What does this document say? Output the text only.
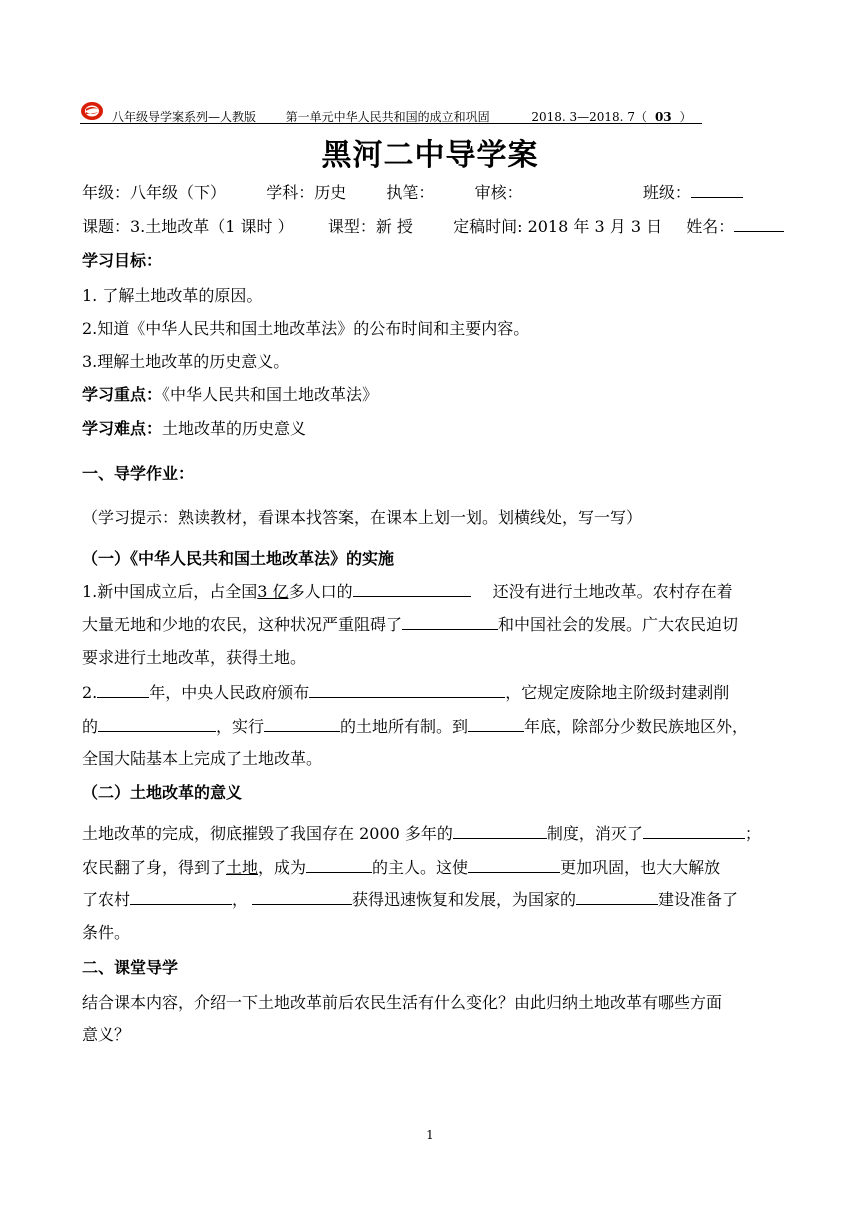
八年级导学案系列—人教版 第一单元中华人民共和国的成立和巩固	2018. 3—2018. 7（ 03 ）
黑河二中导学案
年级：八年级（下）	学科：历史	执笔：	审核：	班级：
课题：3.土地改革（1 课时 ） 课型：新 授	定稿时间: 2018 年 3 月 3 日 姓名：
学习目标：
1. 了解土地改革的原因。
2.知道《中华人民共和国土地改革法》的公布时间和主要内容。
3.理解土地改革的历史意义。
学习重点：《中华人民共和国土地改革法》
学习难点：土地改革的历史意义
一、导学作业：
（学习提示：熟读教材，看课本找答案，在课本上划一划。划横线处，写一写）
（一）《中华人民共和国土地改革法》的实施
1.新中国成立后，占全国3 亿多人口的	还没有进行土地改革。农村存在着
大量无地和少地的农民，这种状况严重阻碍了	和中国社会的发展。广大农民迫切
要求进行土地改革，获得土地。
2.	年，中央人民政府颁布	，它规定废除地主阶级封建剥削
的	，实行	的土地所有制。到	年底，除部分少数民族地区外，
全国大陆基本上完成了土地改革。
（二）土地改革的意义
土地改革的完成，彻底摧毁了我国存在 2000 多年的	制度，消灭了	；
农民翻了身，得到了土地，成为	的主人。这使	更加巩固，也大大解放
了农村	，	获得迅速恢复和发展，为国家的	建设准备了
条件。
二、课堂导学
结合课本内容，介绍一下土地改革前后农民生活有什么变化？由此归纳土地改革有哪些方面
意义？
1
